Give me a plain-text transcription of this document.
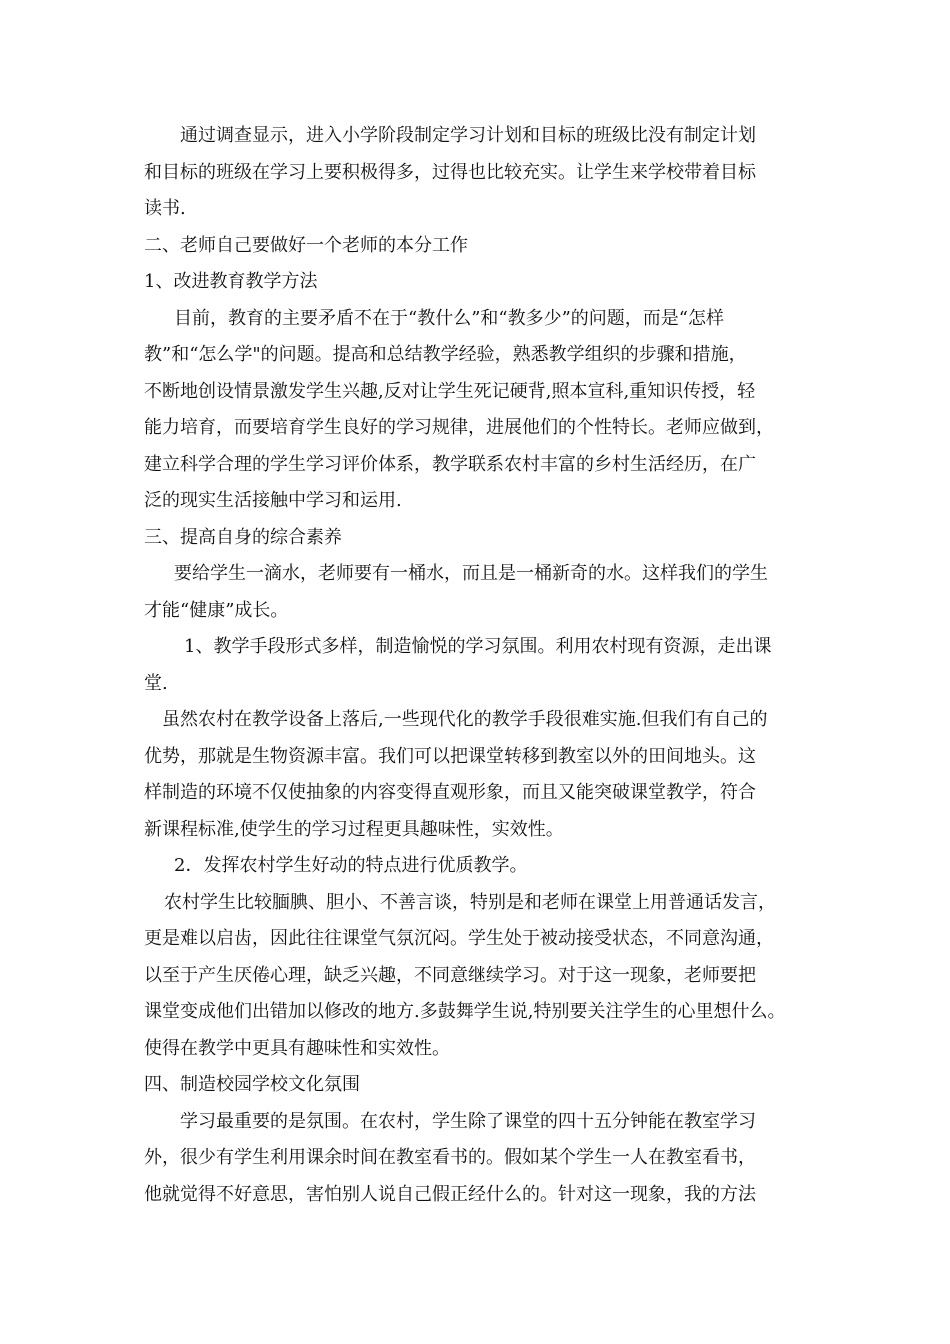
通过调查显示，进入小学阶段制定学习计划和目标的班级比没有制定计划
和目标的班级在学习上要积极得多，过得也比较充实。让学生来学校带着目标
读书.
二、老师自己要做好一个老师的本分工作
1、改进教育教学方法
目前，教育的主要矛盾不在于“教什么”和“教多少”的问题，而是“怎样
教”和“怎么学"的问题。提高和总结教学经验，熟悉教学组织的步骤和措施，
不断地创设情景激发学生兴趣,反对让学生死记硬背,照本宣科,重知识传授，轻
能力培育，而要培育学生良好的学习规律，进展他们的个性特长。老师应做到，
建立科学合理的学生学习评价体系，教学联系农村丰富的乡村生活经历，在广
泛的现实生活接触中学习和运用.
三、提高自身的综合素养
要给学生一滴水，老师要有一桶水，而且是一桶新奇的水。这样我们的学生
才能“健康”成长。
1、教学手段形式多样，制造愉悦的学习氛围。利用农村现有资源，走出课
堂.
虽然农村在教学设备上落后,一些现代化的教学手段很难实施.但我们有自己的
优势，那就是生物资源丰富。我们可以把课堂转移到教室以外的田间地头。这
样制造的环境不仅使抽象的内容变得直观形象，而且又能突破课堂教学，符合
新课程标准,使学生的学习过程更具趣味性，实效性。
2．发挥农村学生好动的特点进行优质教学。
农村学生比较腼腆、胆小、不善言谈，特别是和老师在课堂上用普通话发言，
更是难以启齿，因此往往课堂气氛沉闷。学生处于被动接受状态，不同意沟通，
以至于产生厌倦心理，缺乏兴趣，不同意继续学习。对于这一现象，老师要把
课堂变成他们出错加以修改的地方.多鼓舞学生说,特别要关注学生的心里想什么。
使得在教学中更具有趣味性和实效性。
四、制造校园学校文化氛围
学习最重要的是氛围。在农村，学生除了课堂的四十五分钟能在教室学习
外，很少有学生利用课余时间在教室看书的。假如某个学生一人在教室看书，
他就觉得不好意思，害怕别人说自己假正经什么的。针对这一现象，我的方法
